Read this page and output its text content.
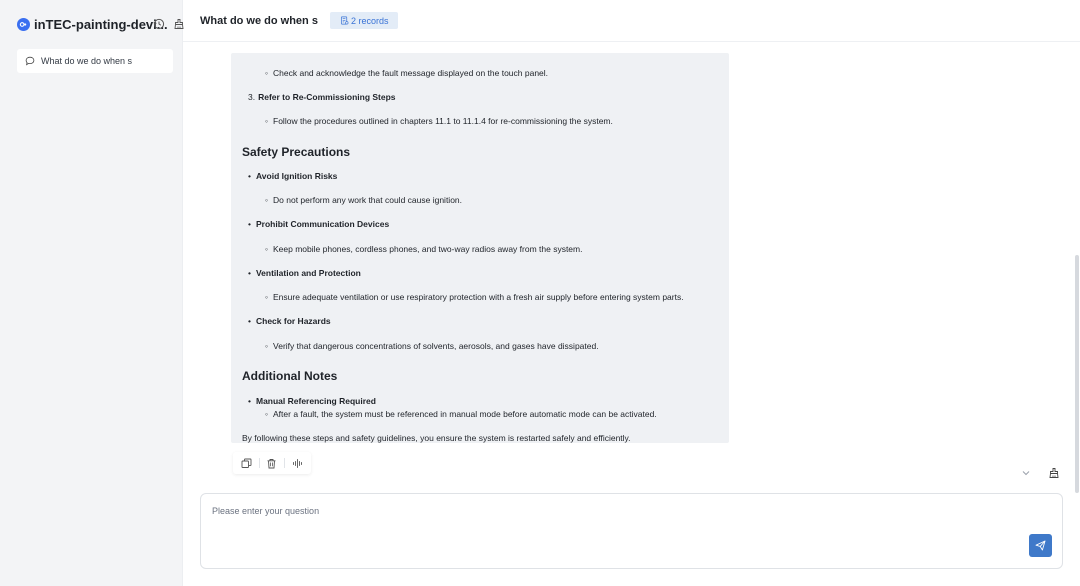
inTEC-painting-devi...
What do we do when s
What do we do when s	2 records
◦ Check and acknowledge the fault message displayed on the touch panel.
3. Refer to Re-Commissioning Steps
◦ Follow the procedures outlined in chapters 11.1 to 11.1.4 for re-commissioning the system.
Safety Precautions
• Avoid Ignition Risks
◦ Do not perform any work that could cause ignition.
• Prohibit Communication Devices
◦ Keep mobile phones, cordless phones, and two-way radios away from the system.
• Ventilation and Protection
◦ Ensure adequate ventilation or use respiratory protection with a fresh air supply before entering system parts.
• Check for Hazards
◦ Verify that dangerous concentrations of solvents, aerosols, and gases have dissipated.
Additional Notes
• Manual Referencing Required
◦ After a fault, the system must be referenced in manual mode before automatic mode can be activated.
By following these steps and safety guidelines, you ensure the system is restarted safely and efficiently.
Please enter your question
